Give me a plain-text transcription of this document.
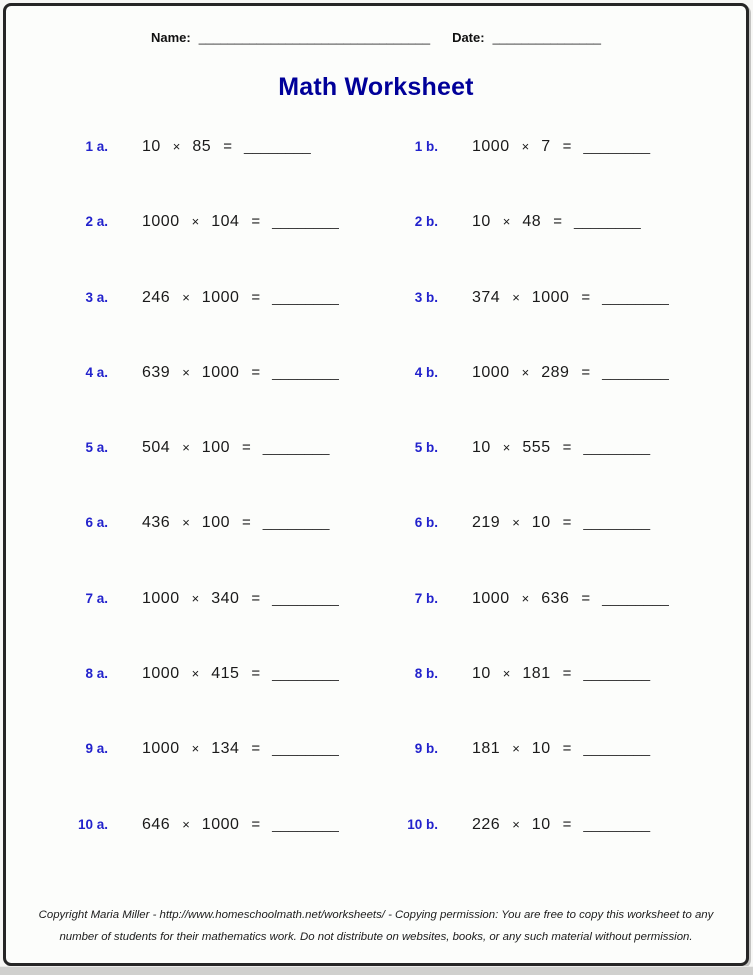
Name: ________________________________ Date: _______________
Math Worksheet
1 a. 10 × 85 = ________	1 b. 1000 × 7 = ________
2 a. 1000 × 104 = ________	2 b. 10 × 48 = ________
3 a. 246 × 1000 = ________	3 b. 374 × 1000 = ________
4 a. 639 × 1000 = ________	4 b. 1000 × 289 = ________
5 a. 504 × 100 = ________	5 b. 10 × 555 = ________
6 a. 436 × 100 = ________	6 b. 219 × 10 = ________
7 a. 1000 × 340 = ________	7 b. 1000 × 636 = ________
8 a. 1000 × 415 = ________	8 b. 10 × 181 = ________
9 a. 1000 × 134 = ________	9 b. 181 × 10 = ________
10 a. 646 × 1000 = ________	10 b. 226 × 10 = ________
Copyright Maria Miller - http://www.homeschoolmath.net/worksheets/ - Copying permission: You are free to copy this worksheet to any
number of students for their mathematics work. Do not distribute on websites, books, or any such material without permission.
